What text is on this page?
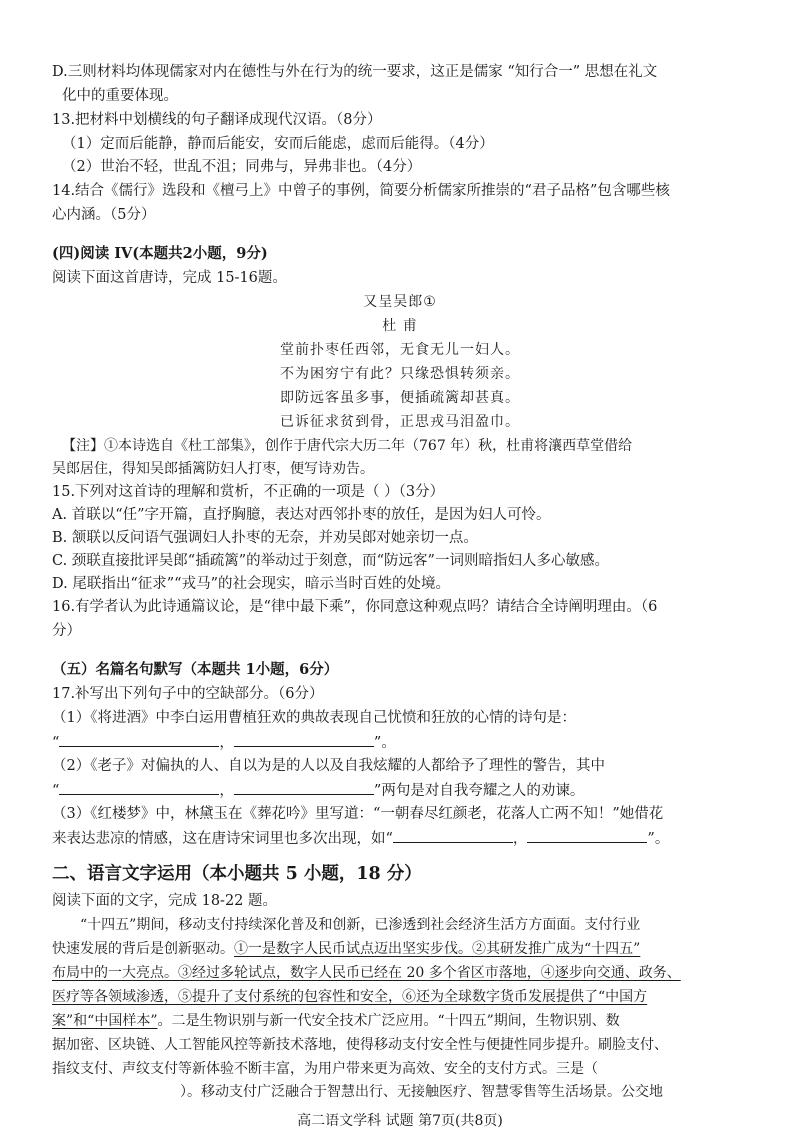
D.三则材料均体现儒家对内在德性与外在行为的统一要求，这正是儒家 “知行合一” 思想在礼文
化中的重要体现。
13.把材料中划横线的句子翻译成现代汉语。（8分）
（1）定而后能静，静而后能安，安而后能虑，虑而后能得。（4分）
（2）世治不轻，世乱不沮；同弗与，异弗非也。（4分）
14.结合《儒行》选段和《檀弓上》中曾子的事例，简要分析儒家所推崇的“君子品格”包含哪些核
心内涵。（5分）
(四)阅读 IV(本题共2小题，9分)
阅读下面这首唐诗，完成 15-16题。
又呈吴郎①
杜 甫
堂前扑枣任西邻，无食无儿一妇人。
不为困穷宁有此？只缘恐惧转须亲。
即防远客虽多事，便插疏篱却甚真。
已诉征求贫到骨，正思戎马泪盈巾。
【注】①本诗选自《杜工部集》，创作于唐代宗大历二年（767 年）秋，杜甫将瀼西草堂借给
吴郎居住，得知吴郎插篱防妇人打枣，便写诗劝告。
15.下列对这首诗的理解和赏析，不正确的一项是（ ）（3分）
A. 首联以“任”字开篇，直抒胸臆，表达对西邻扑枣的放任，是因为妇人可怜。
B. 颔联以反问语气强调妇人扑枣的无奈，并劝吴郎对她亲切一点。
C. 颈联直接批评吴郎“插疏篱”的举动过于刻意，而“防远客”一词则暗指妇人多心敏感。
D. 尾联指出“征求”“戎马”的社会现实，暗示当时百姓的处境。
16.有学者认为此诗通篇议论，是“律中最下乘”，你同意这种观点吗？请结合全诗阐明理由。（6
分）
（五）名篇名句默写（本题共 1小题，6分）
17.补写出下列句子中的空缺部分。（6分）
（1）《将进酒》中李白运用曹植狂欢的典故表现自己忧愤和狂放的心情的诗句是：
“	，	”。
（2）《老子》对偏执的人、自以为是的人以及自我炫耀的人都给予了理性的警告，其中
“	，	”两句是对自我夸耀之人的劝谏。
（3）《红楼梦》中，林黛玉在《葬花吟》里写道：“一朝春尽红颜老，花落人亡两不知！”她借花
来表达悲凉的情感，这在唐诗宋词里也多次出现，如“	，	”。
二、语言文字运用（本小题共 5 小题，18 分）
阅读下面的文字，完成 18-22 题。
“十四五”期间，移动支付持续深化普及和创新，已渗透到社会经济生活方方面面。支付行业
快速发展的背后是创新驱动。①一是数字人民币试点迈出坚实步伐。②其研发推广成为“十四五”
布局中的一大亮点。③经过多轮试点，数字人民币已经在 20 多个省区市落地，④逐步向交通、政务、
医疗等各领域渗透，⑤提升了支付系统的包容性和安全，⑥还为全球数字货币发展提供了“中国方
案”和“中国样本”。二是生物识别与新一代安全技术广泛应用。“十四五”期间，生物识别、数
据加密、区块链、人工智能风控等新技术落地，使得移动支付安全性与便捷性同步提升。刷脸支付、
指纹支付、声纹支付等新体验不断丰富，为用户带来更为高效、安全的支付方式。三是（
）。移动支付广泛融合于智慧出行、无接触医疗、智慧零售等生活场景。公交地
高二语文学科 试题 第7页(共8页)
